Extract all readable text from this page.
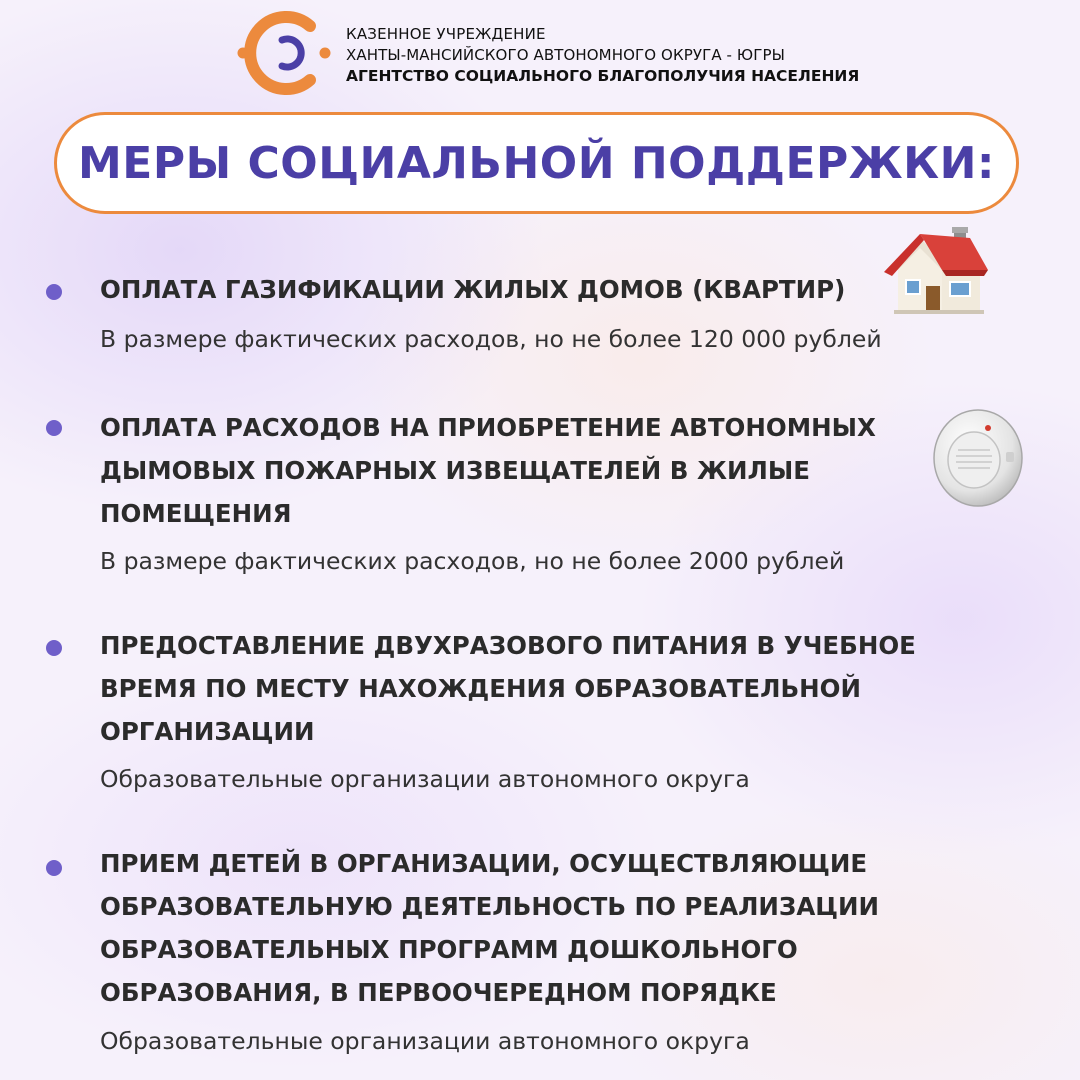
КАЗЕННОЕ УЧРЕЖДЕНИЕ
ХАНТЫ-МАНСИЙСКОГО АВТОНОМНОГО ОКРУГА - ЮГРЫ
АГЕНТСТВО СОЦИАЛЬНОГО БЛАГОПОЛУЧИЯ НАСЕЛЕНИЯ
МЕРЫ СОЦИАЛЬНОЙ ПОДДЕРЖКИ:
ОПЛАТА ГАЗИФИКАЦИИ ЖИЛЫХ ДОМОВ (КВАРТИР)
В размере фактических расходов, но не более 120 000 рублей
ОПЛАТА РАСХОДОВ НА ПРИОБРЕТЕНИЕ АВТОНОМНЫХ
ДЫМОВЫХ ПОЖАРНЫХ ИЗВЕЩАТЕЛЕЙ В ЖИЛЫЕ
ПОМЕЩЕНИЯ
В размере фактических расходов, но не более 2000 рублей
ПРЕДОСТАВЛЕНИЕ ДВУХРАЗОВОГО ПИТАНИЯ В УЧЕБНОЕ
ВРЕМЯ ПО МЕСТУ НАХОЖДЕНИЯ ОБРАЗОВАТЕЛЬНОЙ
ОРГАНИЗАЦИИ
Образовательные организации автономного округа
ПРИЕМ ДЕТЕЙ В ОРГАНИЗАЦИИ, ОСУЩЕСТВЛЯЮЩИЕ
ОБРАЗОВАТЕЛЬНУЮ ДЕЯТЕЛЬНОСТЬ ПО РЕАЛИЗАЦИИ
ОБРАЗОВАТЕЛЬНЫХ ПРОГРАММ ДОШКОЛЬНОГО
ОБРАЗОВАНИЯ, В ПЕРВООЧЕРЕДНОМ ПОРЯДКЕ
Образовательные организации автономного округа
